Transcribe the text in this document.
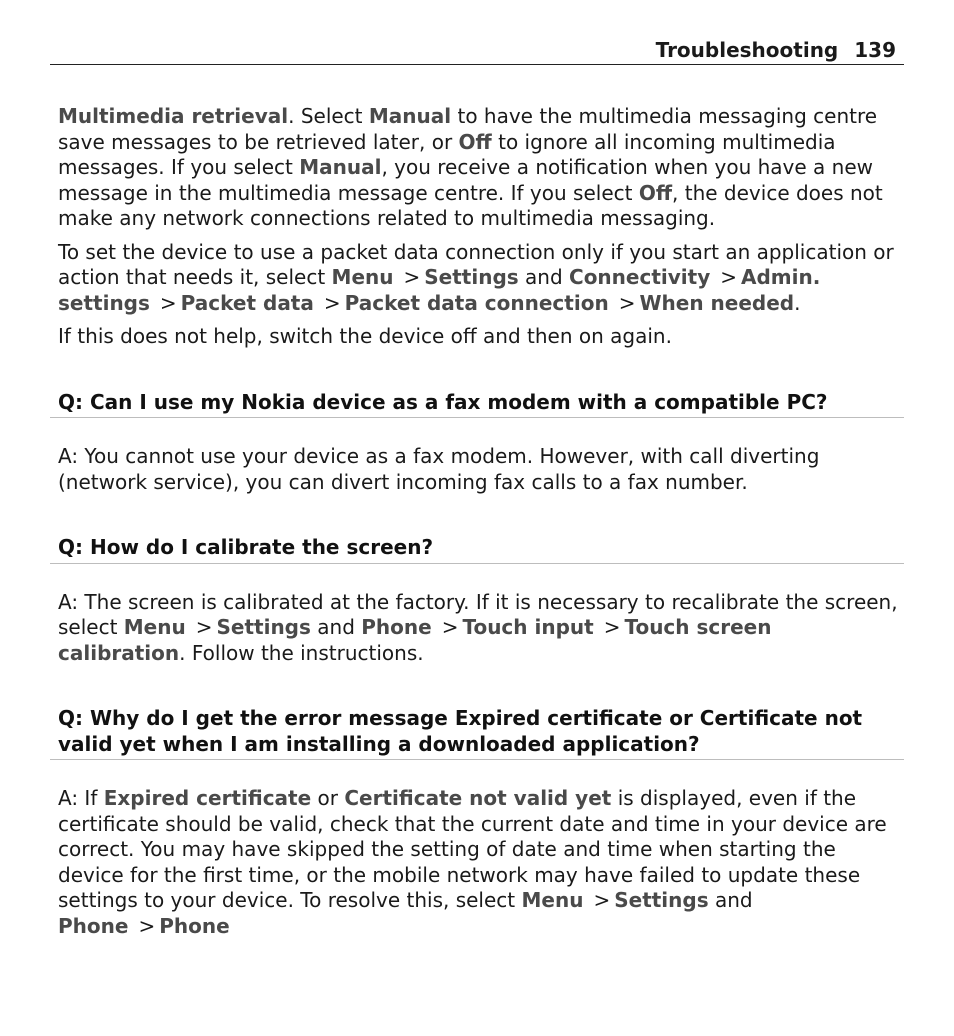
Troubleshooting 139

Multimedia retrieval. Select Manual to have the multimedia messaging centre save messages to be retrieved later, or Off to ignore all incoming multimedia messages. If you select Manual, you receive a notification when you have a new message in the multimedia message centre. If you select Off, the device does not make any network connections related to multimedia messaging.

To set the device to use a packet data connection only if you start an application or action that needs it, select Menu > Settings and Connectivity > Admin. settings > Packet data > Packet data connection > When needed.

If this does not help, switch the device off and then on again.

Q: Can I use my Nokia device as a fax modem with a compatible PC?

A: You cannot use your device as a fax modem. However, with call diverting (network service), you can divert incoming fax calls to a fax number.

Q: How do I calibrate the screen?

A: The screen is calibrated at the factory. If it is necessary to recalibrate the screen, select Menu > Settings and Phone > Touch input > Touch screen calibration. Follow the instructions.

Q: Why do I get the error message Expired certificate or Certificate not valid yet when I am installing a downloaded application?

A: If Expired certificate or Certificate not valid yet is displayed, even if the certificate should be valid, check that the current date and time in your device are correct. You may have skipped the setting of date and time when starting the device for the first time, or the mobile network may have failed to update these settings to your device. To resolve this, select Menu > Settings and Phone > Phone
